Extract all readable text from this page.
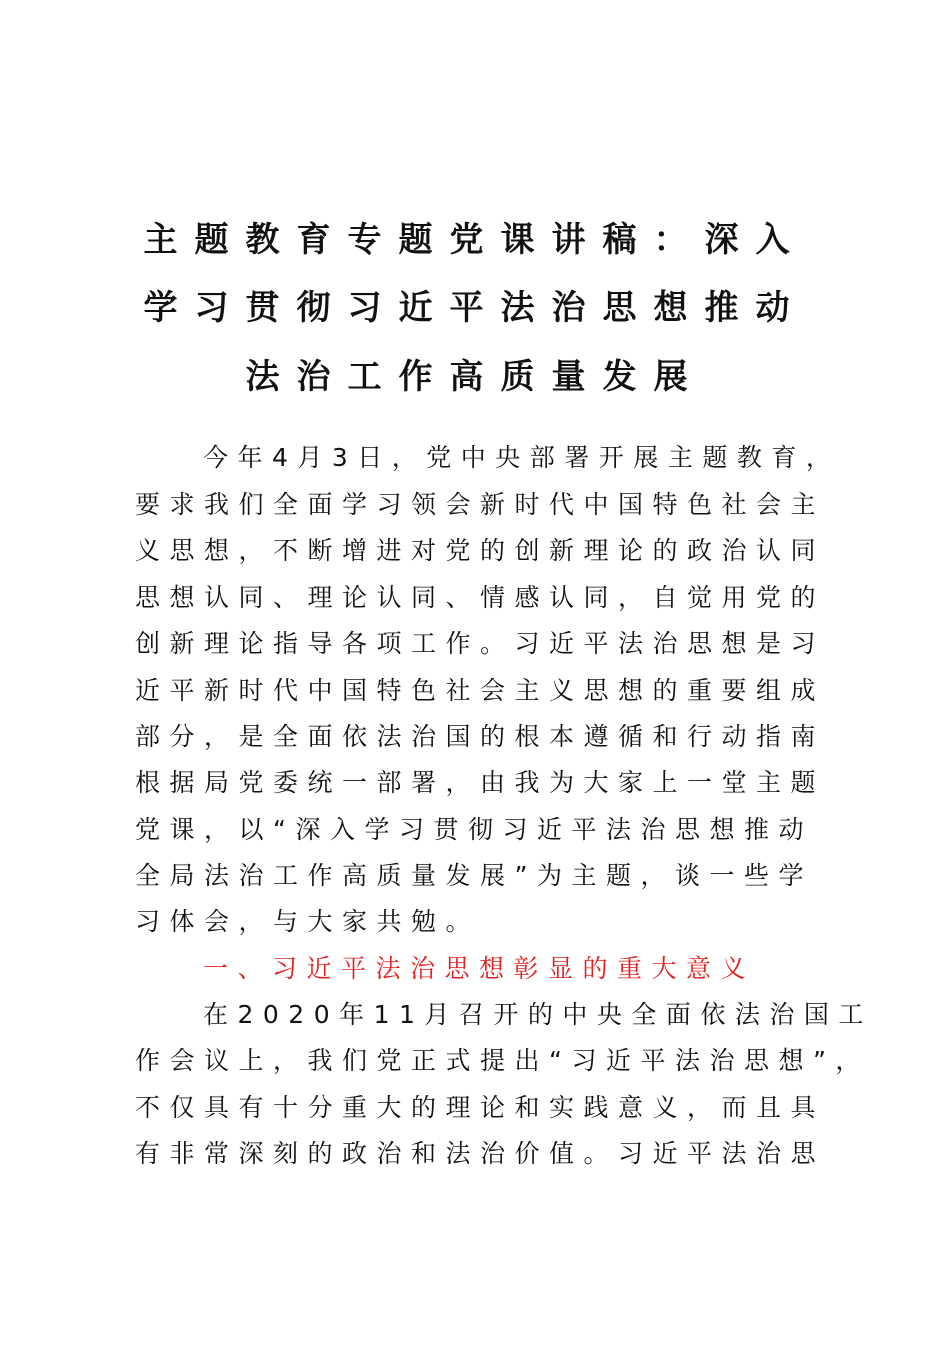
主题教育专题党课讲稿：深入
学习贯彻习近平法治思想推动
法治工作高质量发展
今年4月3日，党中央部署开展主题教育，
要求我们全面学习领会新时代中国特色社会主
义思想，不断增进对党的创新理论的政治认同
思想认同、理论认同、情感认同，自觉用党的
创新理论指导各项工作。习近平法治思想是习
近平新时代中国特色社会主义思想的重要组成
部分，是全面依法治国的根本遵循和行动指南
根据局党委统一部署，由我为大家上一堂主题
党课，以“深入学习贯彻习近平法治思想推动
全局法治工作高质量发展”为主题，谈一些学
习体会，与大家共勉。
一、习近平法治思想彰显的重大意义
在2020年11月召开的中央全面依法治国工
作会议上，我们党正式提出“习近平法治思想”，
不仅具有十分重大的理论和实践意义，而且具
有非常深刻的政治和法治价值。习近平法治思
